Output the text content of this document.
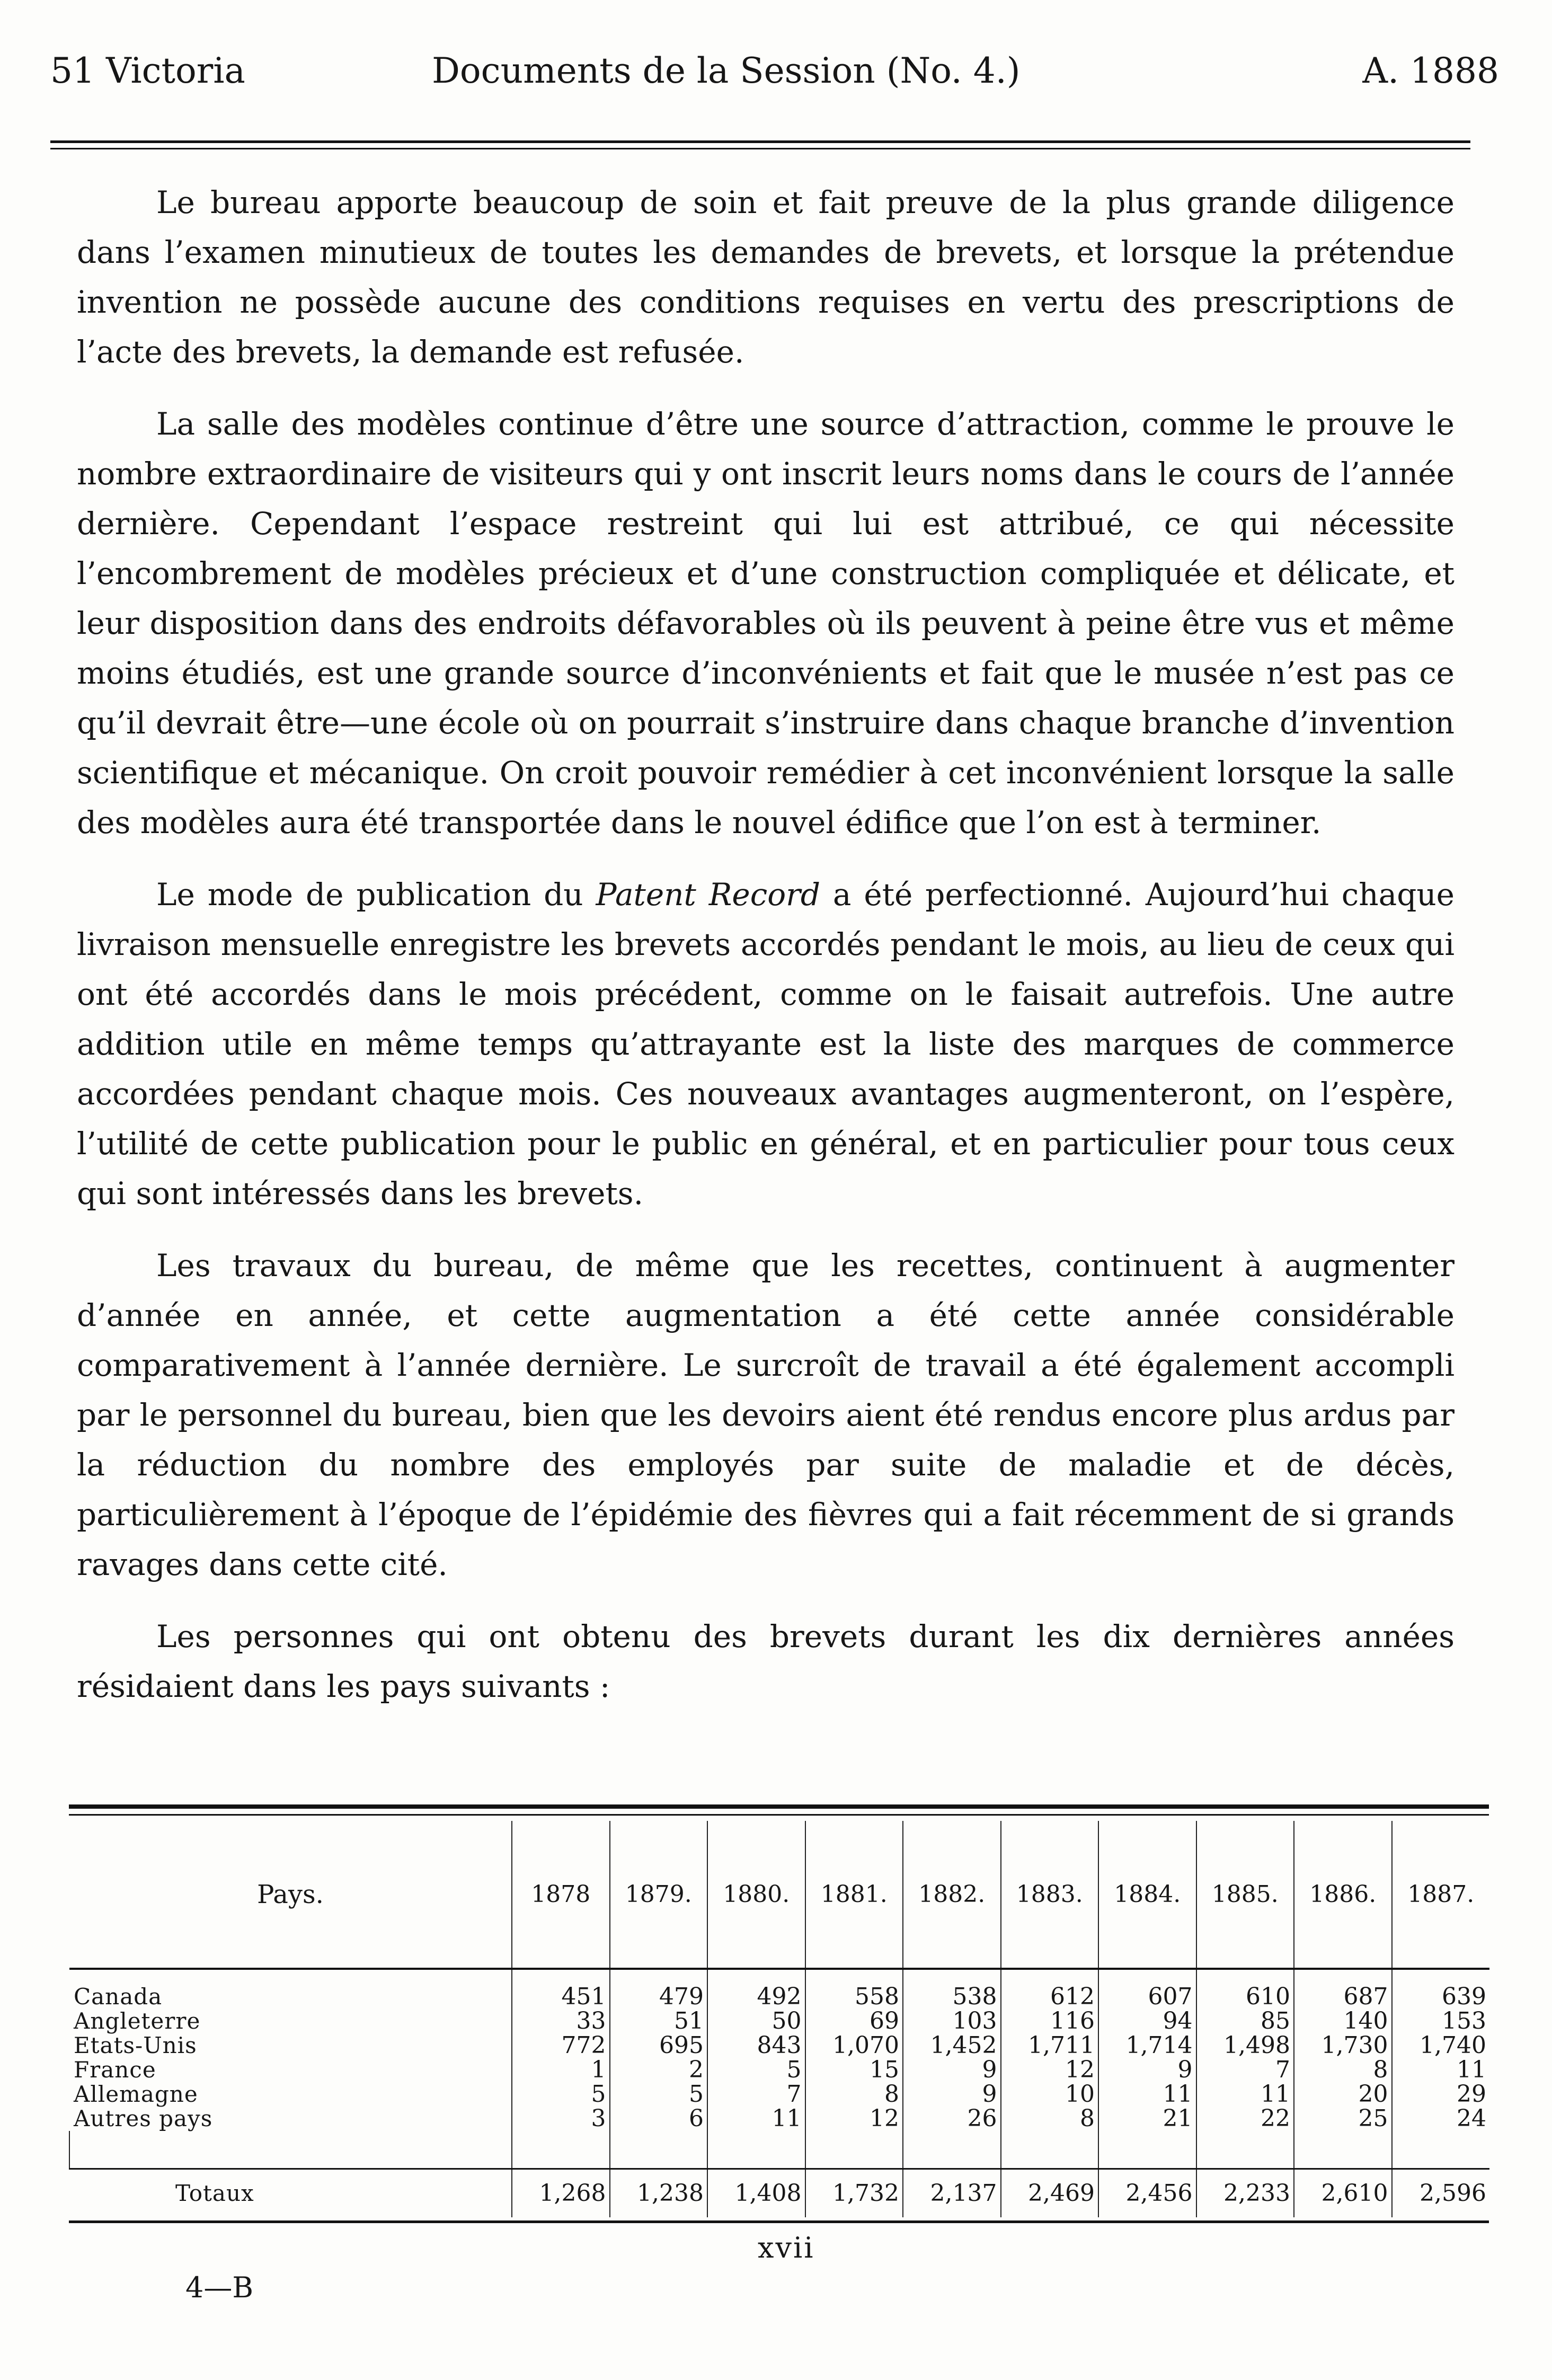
51 Victoria	Documents de la Session (No. 4.)	A. 1888

Le bureau apporte beaucoup de soin et fait preuve de la plus grande diligence dans l’examen minutieux de toutes les demandes de brevets, et lorsque la prétendue invention ne possède aucune des conditions requises en vertu des prescriptions de l’acte des brevets, la demande est refusée.

La salle des modèles continue d’être une source d’attraction, comme le prouve le nombre extraordinaire de visiteurs qui y ont inscrit leurs noms dans le cours de l’année dernière. Cependant l’espace restreint qui lui est attribué, ce qui nécessite l’encombrement de modèles précieux et d’une construction compliquée et délicate, et leur disposition dans des endroits défavorables où ils peuvent à peine être vus et même moins étudiés, est une grande source d’inconvénients et fait que le musée n’est pas ce qu’il devrait être—une école où on pourrait s’instruire dans chaque branche d’invention scientifique et mécanique. On croit pouvoir remédier à cet inconvénient lorsque la salle des modèles aura été transportée dans le nouvel édifice que l’on est à terminer.

Le mode de publication du Patent Record a été perfectionné. Aujourd’hui chaque livraison mensuelle enregistre les brevets accordés pendant le mois, au lieu de ceux qui ont été accordés dans le mois précédent, comme on le faisait autrefois. Une autre addition utile en même temps qu’attrayante est la liste des marques de commerce accordées pendant chaque mois. Ces nouveaux avantages augmenteront, on l’espère, l’utilité de cette publication pour le public en général, et en particulier pour tous ceux qui sont intéressés dans les brevets.

Les travaux du bureau, de même que les recettes, continuent à augmenter d’année en année, et cette augmentation a été cette année considérable comparativement à l’année dernière. Le surcroît de travail a été également accompli par le personnel du bureau, bien que les devoirs aient été rendus encore plus ardus par la réduction du nombre des employés par suite de maladie et de décès, particulièrement à l’époque de l’épidémie des fièvres qui a fait récemment de si grands ravages dans cette cité.

Les personnes qui ont obtenu des brevets durant les dix dernières années résidaient dans les pays suivants :

Pays.	1878	1879.	1880.	1881.	1882.	1883.	1884.	1885.	1886.	1887.
Canada	451	479	492	558	538	612	607	610	687	639
Angleterre	33	51	50	69	103	116	94	85	140	153
Etats-Unis	772	695	843	1,070	1,452	1,711	1,714	1,498	1,730	1,740
France	1	2	5	15	9	12	9	7	8	11
Allemagne	5	5	7	8	9	10	11	11	20	29
Autres pays	3	6	11	12	26	8	21	22	25	24

Totaux	1,268	1,238	1,408	1,732	2,137	2,469	2,456	2,233	2,610	2,596
xvii
4—B
